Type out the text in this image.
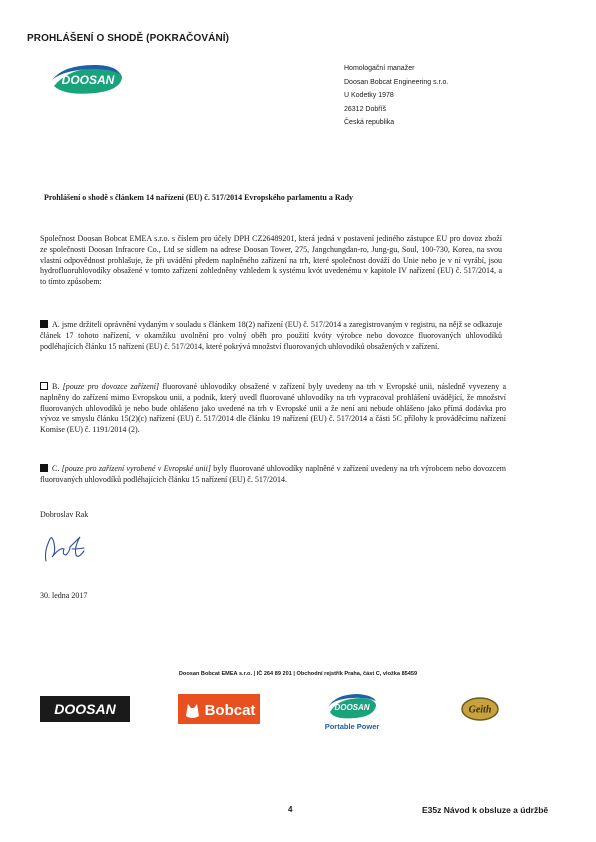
PROHLÁŠENÍ O SHODĚ (POKRAČOVÁNÍ)
DOOSAN
Homologační manažer
Doosan Bobcat Engineering s.r.o.
U Kodetky 1978
26312 Dobříš
Česká republika
Prohlášení o shodě s článkem 14 nařízení (EU) č. 517/2014 Evropského parlamentu a Rady
Společnost Doosan Bobcat EMEA s.r.o. s číslem pro účely DPH CZ26489201, která jedná v postavení jediného zástupce EU pro dovoz zboží ze společnosti Doosan Infracore Co., Ltd se sídlem na adrese Doosan Tower, 275, Jangchungdan-ro, Jung-gu, Soul, 100-730, Korea, na svou vlastní odpovědnost prohlašuje, že při uvádění předem naplněného zařízení na trh, které společnost dováží do Unie nebo je v ní vyrábí, jsou hydrofluoruhlovodíky obsažené v tomto zařízení zohledněny vzhledem k systému kvót uvedenému v kapitole IV nařízení (EU) č. 517/2014, a to tímto způsobem:
A. jsme držiteli oprávnění vydaným v souladu s článkem 18(2) nařízení (EU) č. 517/2014 a zaregistrovaným v registru, na nějž se odkazuje článek 17 tohoto nařízení, v okamžiku uvolnění pro volný oběh pro použití kvóty výrobce nebo dovozce fluorovaných uhlovodíků podléhajících článku 15 nařízení (EU) č. 517/2014, které pokrývá množství fluorovaných uhlovodíků obsažených v zařízení.
B. [pouze pro dovozce zařízení] fluorované uhlovodíky obsažené v zařízení byly uvedeny na trh v Evropské unii, následně vyvezeny a naplněny do zařízení mimo Evropskou unii, a podnik, který uvedl fluorované uhlovodíky na trh vypracoval prohlášení uvádějící, že množství fluorovaných uhlovodíků je nebo bude ohlášeno jako uvedené na trh v Evropské unii a že není ani nebude ohlášeno jako přímá dodávka pro vývoz ve smyslu článku 15(2)(c) nařízení (EU) č. 517/2014 dle článku 19 nařízení (EU) č. 517/2014 a části 5C přílohy k prováděcímu nařízení Komise (EU) č. 1191/2014 (2).
C. [pouze pro zařízení vyrobené v Evropské unii] byly fluorované uhlovodíky naplněné v zařízení uvedeny na trh výrobcem nebo dovozcem fluorovaných uhlovodíků podléhajících článku 15 nařízení (EU) č. 517/2014.
Dobroslav Rak
30. ledna 2017
Doosan Bobcat EMEA s.r.o. | IČ 264 89 201 | Obchodní rejstřík Praha, část C, vložka 85459
DOOSAN	Bobcat	DOOSAN
Portable Power
Geith
4	E35z Návod k obsluze a údržbě
